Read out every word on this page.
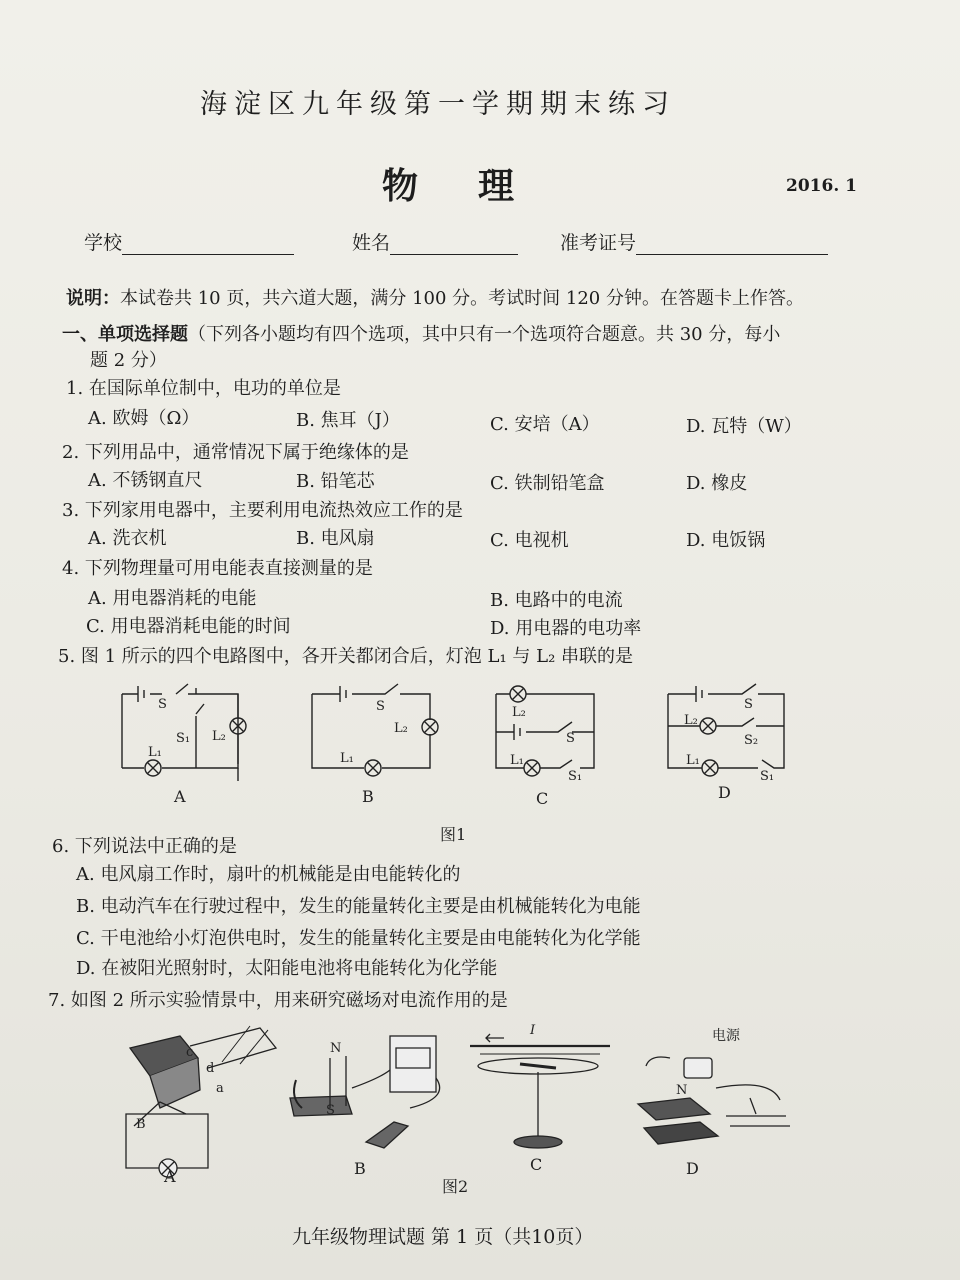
海淀区九年级第一学期期末练习
物理	2016. 1
学校	姓名	准考证号
说明：本试卷共 10 页，共六道大题，满分 100 分。考试时间 120 分钟。在答题卡上作答。
一、单项选择题（下列各小题均有四个选项，其中只有一个选项符合题意。共 30 分，每小
题 2 分）
1. 在国际单位制中，电功的单位是
A. 欧姆（Ω）	B. 焦耳（J）	C. 安培（A）	D. 瓦特（W）
2. 下列用品中，通常情况下属于绝缘体的是
A. 不锈钢直尺	B. 铅笔芯	C. 铁制铅笔盒	D. 橡皮
3. 下列家用电器中，主要利用电流热效应工作的是
A. 洗衣机	B. 电风扇	C. 电视机	D. 电饭锅
4. 下列物理量可用电能表直接测量的是
A. 用电器消耗的电能	B. 电路中的电流
C. 用电器消耗电能的时间	D. 用电器的电功率
5. 图 1 所示的四个电路图中，各开关都闭合后，灯泡 L₁ 与 L₂ 串联的是
S
S₁ L₂
L₁
S
L₂
L₁
L₂
S
L₁
S₁
S
L₂
S₂
L₁
S₁
A	B	C	D
图1
6. 下列说法中正确的是
A. 电风扇工作时，扇叶的机械能是由电能转化的
B. 电动汽车在行驶过程中，发生的能量转化主要是由机械能转化为电能
C. 干电池给小灯泡供电时，发生的能量转化主要是由电能转化为化学能
D. 在被阳光照射时，太阳能电池将电能转化为化学能
7. 如图 2 所示实验情景中，用来研究磁场对电流作用的是
c
d
B
a
N
S
I	电源
N
A	B	C	D
图2
九年级物理试题 第 1 页（共10页）
